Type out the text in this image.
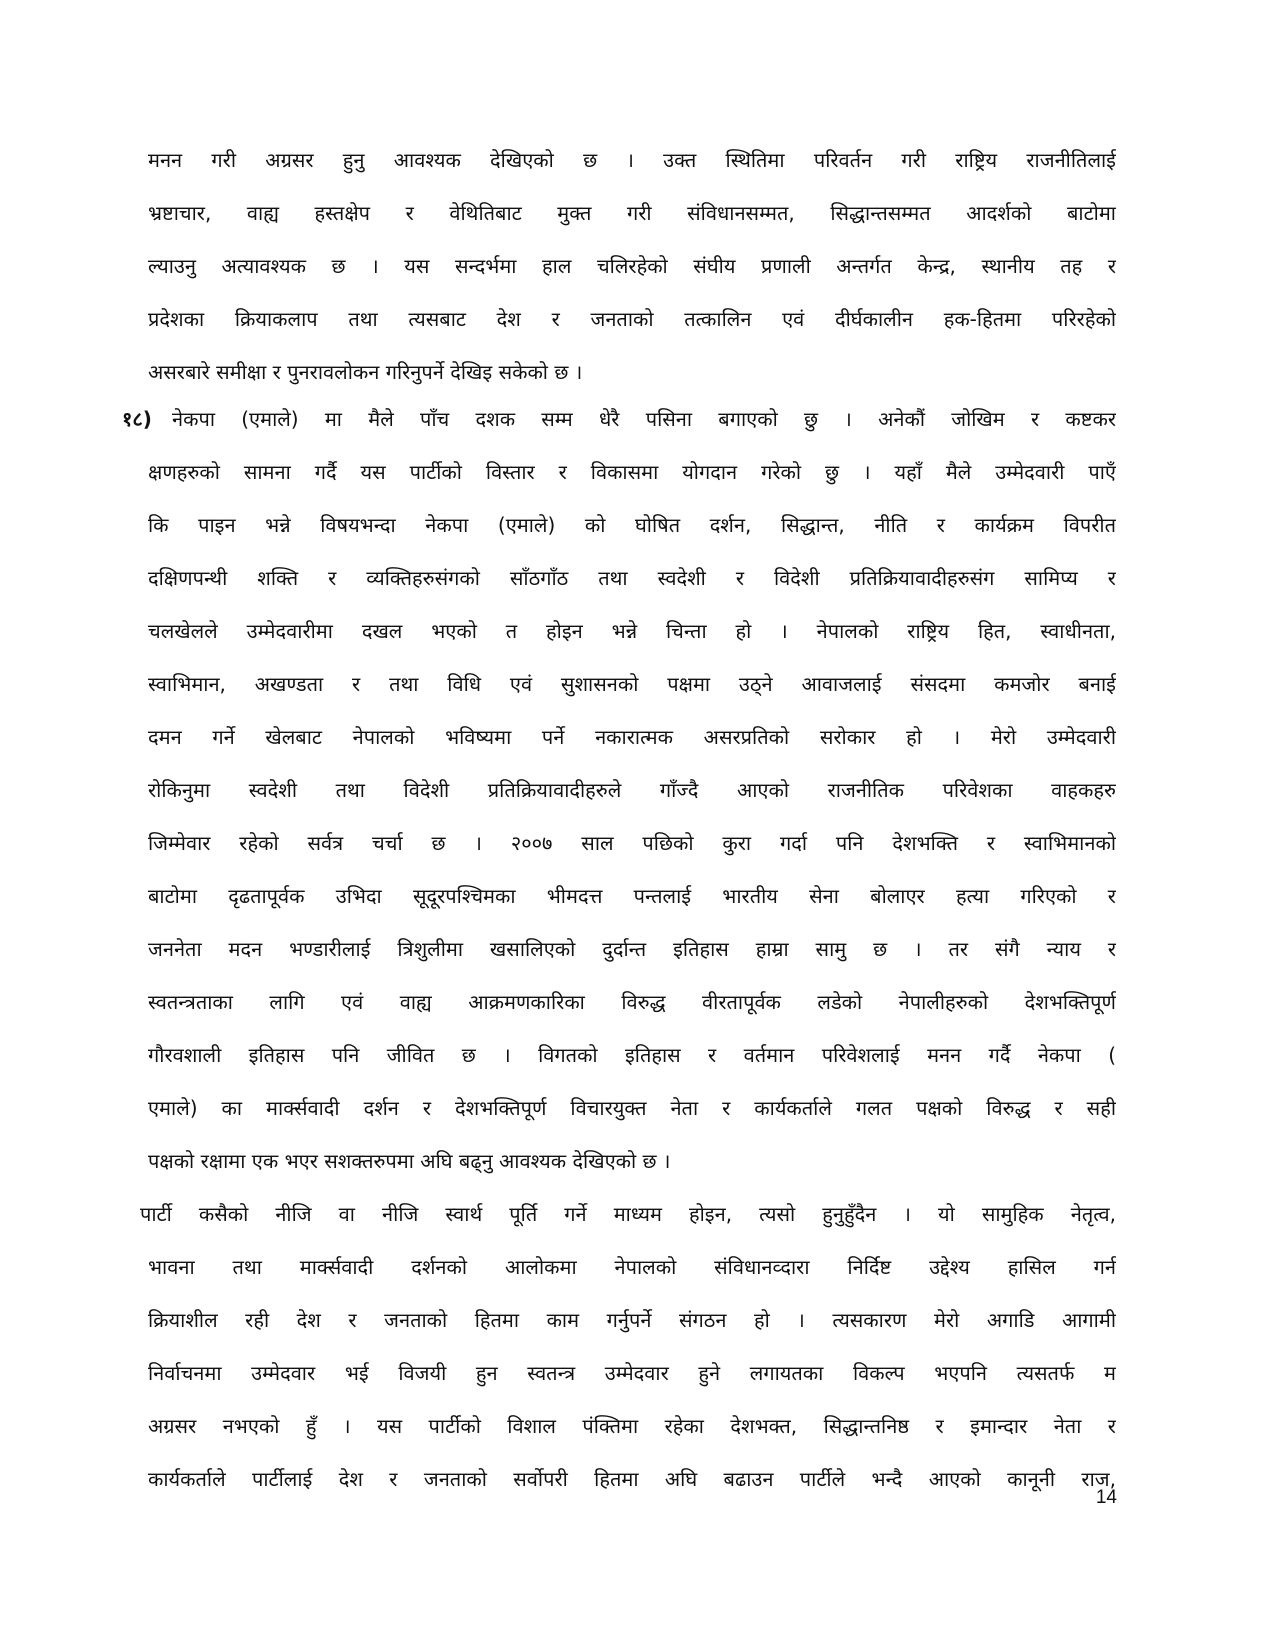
मनन गरी अग्रसर हुनु आवश्यक देखिएको छ । उक्त स्थितिमा परिवर्तन गरी राष्ट्रिय राजनीतिलाई
भ्रष्टाचार, वाह्य हस्तक्षेप र वेथितिबाट मुक्त गरी संविधानसम्मत, सिद्धान्तसम्मत आदर्शको बाटोमा
ल्याउनु अत्यावश्यक छ । यस सन्दर्भमा हाल चलिरहेको संघीय प्रणाली अन्तर्गत केन्द्र, स्थानीय तह र
प्रदेशका क्रियाकलाप तथा त्यसबाट देश र जनताको तत्कालिन एवं दीर्घकालीन हक-हितमा परिरहेको
असरबारे समीक्षा र पुनरावलोकन गरिनुपर्ने देखिइ सकेको छ ।
१८) नेकपा (एमाले) मा मैले पाँच दशक सम्म धेरै पसिना बगाएको छु । अनेकौं जोखिम र कष्टकर
क्षणहरुको सामना गर्दै यस पार्टीको विस्तार र विकासमा योगदान गरेको छु । यहाँ मैले उम्मेदवारी पाएँ
कि पाइन भन्ने विषयभन्दा नेकपा (एमाले) को घोषित दर्शन, सिद्धान्त, नीति र कार्यक्रम विपरीत
दक्षिणपन्थी शक्ति र व्यक्तिहरुसंगको साँठगाँठ तथा स्वदेशी र विदेशी प्रतिक्रियावादीहरुसंग सामिप्य र
चलखेलले उम्मेदवारीमा दखल भएको त होइन भन्ने चिन्ता हो । नेपालको राष्ट्रिय हित, स्वाधीनता,
स्वाभिमान, अखण्डता र तथा विधि एवं सुशासनको पक्षमा उठ्ने आवाजलाई संसदमा कमजोर बनाई
दमन गर्ने खेलबाट नेपालको भविष्यमा पर्ने नकारात्मक असरप्रतिको सरोकार हो । मेरो उम्मेदवारी
रोकिनुमा स्वदेशी तथा विदेशी प्रतिक्रियावादीहरुले गाँज्दै आएको राजनीतिक परिवेशका वाहकहरु
जिम्मेवार रहेको सर्वत्र चर्चा छ । २००७ साल पछिको कुरा गर्दा पनि देशभक्ति र स्वाभिमानको
बाटोमा दृढतापूर्वक उभिदा सूदूरपश्चिमका भीमदत्त पन्तलाई भारतीय सेना बोलाएर हत्या गरिएको र
जननेता मदन भण्डारीलाई त्रिशुलीमा खसालिएको दुर्दान्त इतिहास हाम्रा सामु छ । तर संगै न्याय र
स्वतन्त्रताका लागि एवं वाह्य आक्रमणकारिका विरुद्ध वीरतापूर्वक लडेको नेपालीहरुको देशभक्तिपूर्ण
गौरवशाली इतिहास पनि जीवित छ । विगतको इतिहास र वर्तमान परिवेशलाई मनन गर्दै नेकपा (
एमाले) का मार्क्सवादी दर्शन र देशभक्तिपूर्ण विचारयुक्त नेता र कार्यकर्ताले गलत पक्षको विरुद्ध र सही
पक्षको रक्षामा एक भएर सशक्तरुपमा अघि बढ्नु आवश्यक देखिएको छ ।
पार्टी कसैको नीजि वा नीजि स्वार्थ पूर्ति गर्ने माध्यम होइन, त्यसो हुनुहुँदैन । यो सामुहिक नेतृत्व,
भावना तथा मार्क्सवादी दर्शनको आलोकमा नेपालको संविधानव्दारा निर्दिष्ट उद्देश्य हासिल गर्न
क्रियाशील रही देश र जनताको हितमा काम गर्नुपर्ने संगठन हो । त्यसकारण मेरो अगाडि आगामी
निर्वाचनमा उम्मेदवार भई विजयी हुन स्वतन्त्र उम्मेदवार हुने लगायतका विकल्प भएपनि त्यसतर्फ म
अग्रसर नभएको हुँ । यस पार्टीको विशाल पंक्तिमा रहेका देशभक्त, सिद्धान्तनिष्ठ र इमान्दार नेता र
कार्यकर्ताले पार्टीलाई देश र जनताको सर्वोपरी हितमा अघि बढाउन पार्टीले भन्दै आएको कानूनी राज,
14
